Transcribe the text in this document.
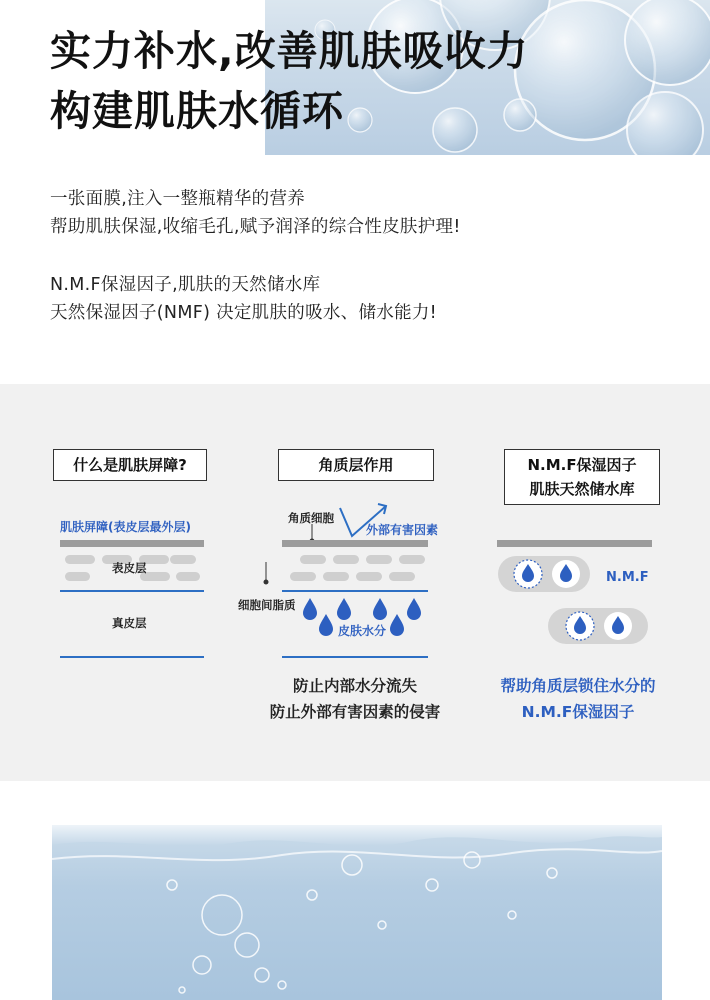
实力补水,改善肌肤吸收力
构建肌肤水循环
一张面膜,注入一整瓶精华的营养
帮助肌肤保湿,收缩毛孔,赋予润泽的综合性皮肤护理!
N.M.F保湿因子,肌肤的天然储水库
天然保湿因子(NMF) 决定肌肤的吸水、储水能力!
什么是肌肤屏障?
肌肤屏障(表皮层最外层)
表皮层
真皮层
角质层作用
角质细胞
外部有害因素
细胞间脂质
皮肤水分
防止内部水分流失
防止外部有害因素的侵害
N.M.F保湿因子
肌肤天然储水库
N.M.F
帮助角质层锁住水分的
N.M.F保湿因子
